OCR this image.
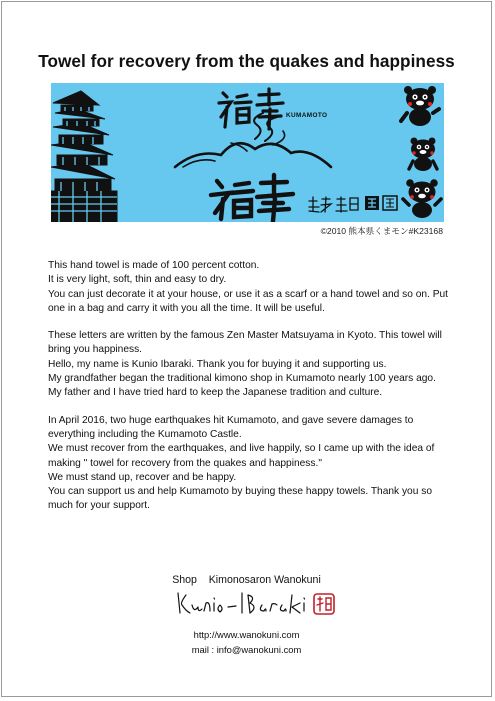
Towel for recovery from the quakes and happiness
KUMAMOTO
©2010 熊本県くまモン#K23168

This hand towel is made of 100 percent cotton.
It is very light, soft, thin and easy to dry.
You can just decorate it at your house, or use it as a scarf or a hand towel and so on. Put one in a bag and carry it with you all the time. It will be useful.

These letters are written by the famous Zen Master Matsuyama in Kyoto. This towel will bring you happiness.
Hello, my name is Kunio Ibaraki. Thank you for buying it and supporting us.
My grandfather began the traditional kimono shop in Kumamoto nearly 100 years ago.
My father and I have tried hard to keep the Japanese tradition and culture.

In April 2016, two huge earthquakes hit Kumamoto, and gave severe damages to everything including the Kumamoto Castle.
We must recover from the earthquakes, and live happily, so I came up with the idea of making " towel for recovery from the quakes and happiness."
We must stand up, recover and be happy.
You can support us and help Kumamoto by buying these happy towels. Thank you so much for your support.

Shop    Kimonosaron Wanokuni
http://www.wanokuni.com
mail : info@wanokuni.com
